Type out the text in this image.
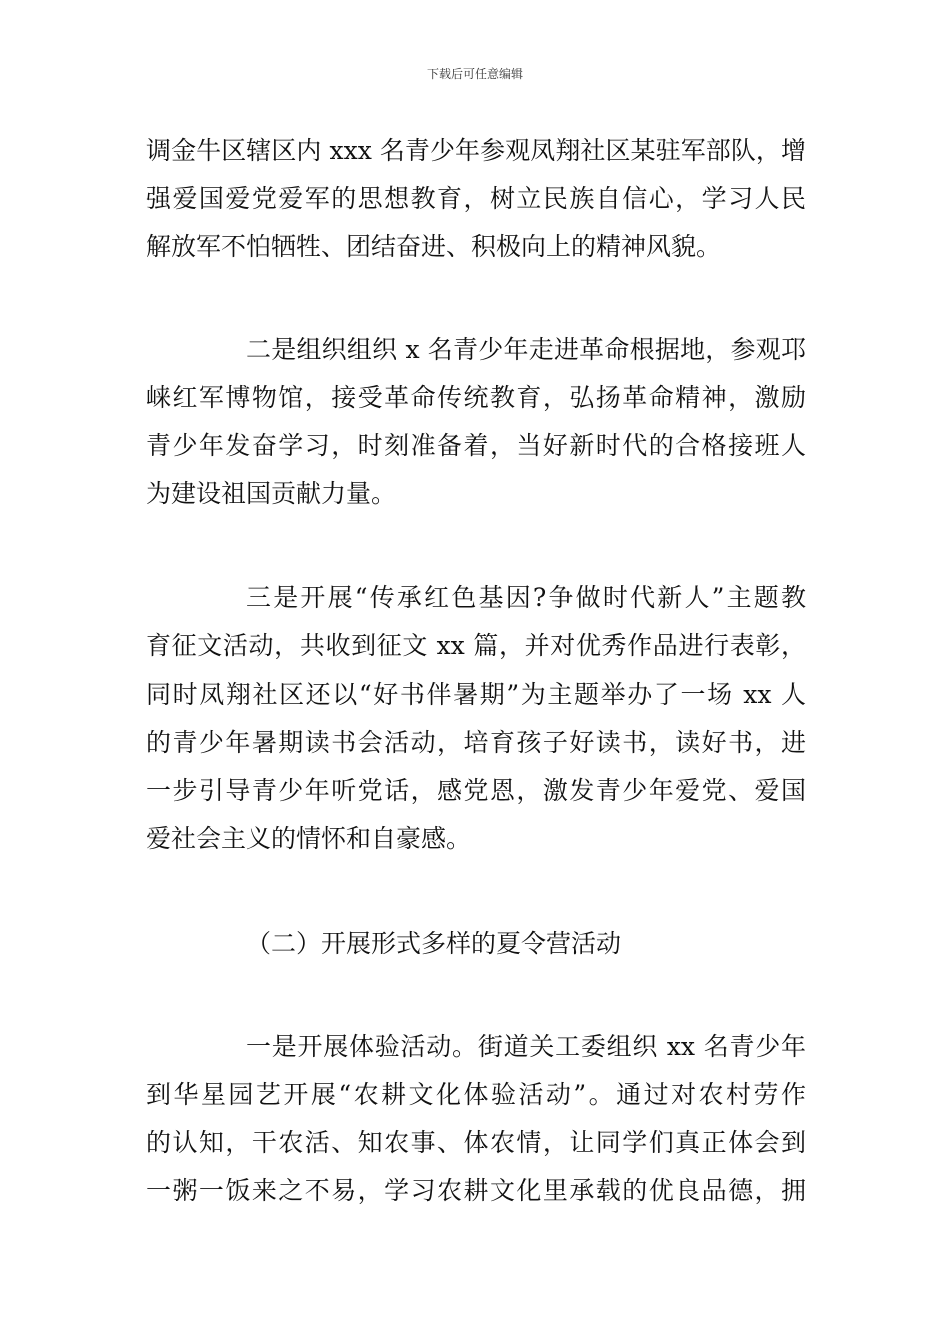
下载后可任意编辑
调金牛区辖区内 xxx 名青少年参观凤翔社区某驻军部队，增
强爱国爱党爱军的思想教育，树立民族自信心，学习人民
解放军不怕牺牲、团结奋进、积极向上的精神风貌。
二是组织组织 x 名青少年走进革命根据地，参观邛
崃红军博物馆，接受革命传统教育，弘扬革命精神，激励
青少年发奋学习，时刻准备着，当好新时代的合格接班人
为建设祖国贡献力量。
三是开展“传承红色基因?争做时代新人”主题教
育征文活动，共收到征文 xx 篇，并对优秀作品进行表彰，
同时凤翔社区还以“好书伴暑期”为主题举办了一场 xx 人
的青少年暑期读书会活动，培育孩子好读书，读好书，进
一步引导青少年听党话，感党恩，激发青少年爱党、爱国
爱社会主义的情怀和自豪感。
（二）开展形式多样的夏令营活动
一是开展体验活动。街道关工委组织 xx 名青少年
到华星园艺开展“农耕文化体验活动”。通过对农村劳作
的认知，干农活、知农事、体农情，让同学们真正体会到
一粥一饭来之不易，学习农耕文化里承载的优良品德，拥
